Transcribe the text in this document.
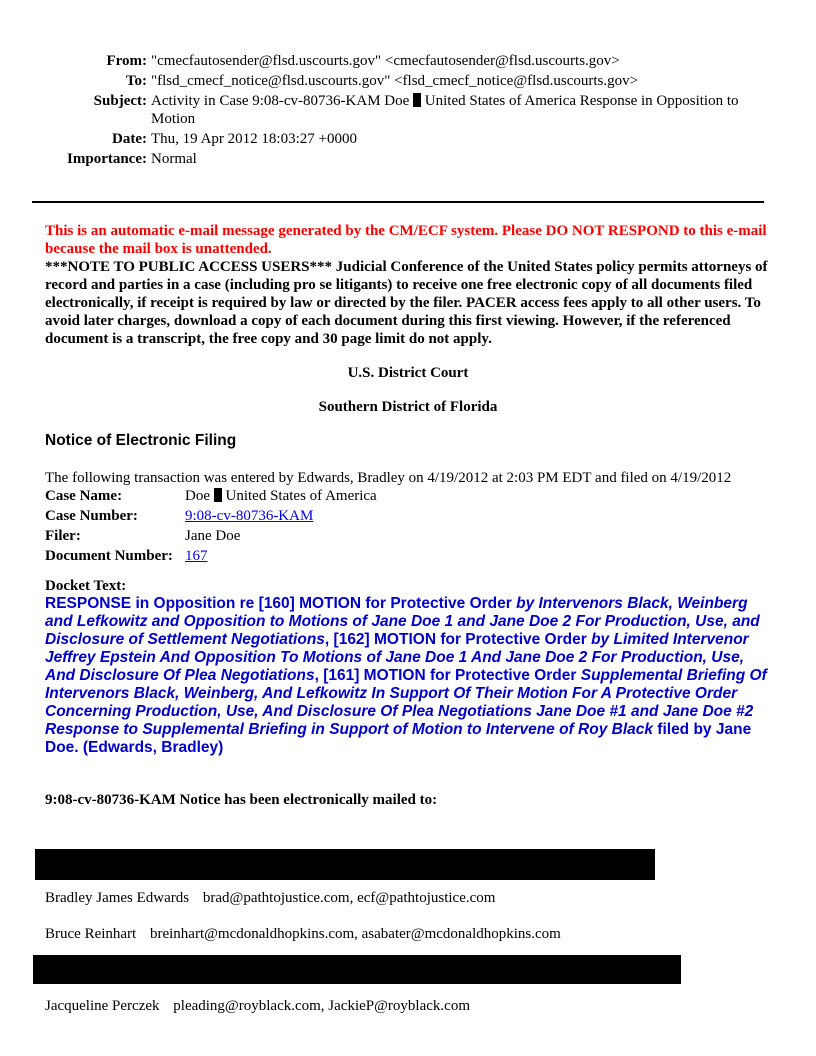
From: "cmecfautosender@flsd.uscourts.gov" <cmecfautosender@flsd.uscourts.gov>
To: "flsd_cmecf_notice@flsd.uscourts.gov" <flsd_cmecf_notice@flsd.uscourts.gov>
Subject: Activity in Case 9:08-cv-80736-KAM Doe  United States of America Response in Opposition to Motion
Date: Thu, 19 Apr 2012 18:03:27 +0000
Importance: Normal
This is an automatic e-mail message generated by the CM/ECF system. Please DO NOT RESPOND to this e-mail because the mail box is unattended.
***NOTE TO PUBLIC ACCESS USERS*** Judicial Conference of the United States policy permits attorneys of record and parties in a case (including pro se litigants) to receive one free electronic copy of all documents filed electronically, if receipt is required by law or directed by the filer. PACER access fees apply to all other users. To avoid later charges, download a copy of each document during this first viewing. However, if the referenced document is a transcript, the free copy and 30 page limit do not apply.
U.S. District Court
Southern District of Florida
Notice of Electronic Filing
The following transaction was entered by Edwards, Bradley on 4/19/2012 at 2:03 PM EDT and filed on 4/19/2012
Case Name:	Doe  United States of America
Case Number:	9:08-cv-80736-KAM
Filer:	Jane Doe
Document Number:	167
Docket Text:
RESPONSE in Opposition re [160] MOTION for Protective Order by Intervenors Black, Weinberg and Lefkowitz and Opposition to Motions of Jane Doe 1 and Jane Doe 2 For Production, Use, and Disclosure of Settlement Negotiations, [162] MOTION for Protective Order by Limited Intervenor Jeffrey Epstein And Opposition To Motions of Jane Doe 1 And Jane Doe 2 For Production, Use, And Disclosure Of Plea Negotiations, [161] MOTION for Protective Order Supplemental Briefing Of Intervenors Black, Weinberg, And Lefkowitz In Support Of Their Motion For A Protective Order Concerning Production, Use, And Disclosure Of Plea Negotiations Jane Doe #1 and Jane Doe #2 Response to Supplemental Briefing in Support of Motion to Intervene of Roy Black filed by Jane Doe. (Edwards, Bradley)
9:08-cv-80736-KAM Notice has been electronically mailed to:
Bradley James Edwards brad@pathtojustice.com, ecf@pathtojustice.com
Bruce Reinhart breinhart@mcdonaldhopkins.com, asabater@mcdonaldhopkins.com
Jacqueline Perczek pleading@royblack.com, JackieP@royblack.com
